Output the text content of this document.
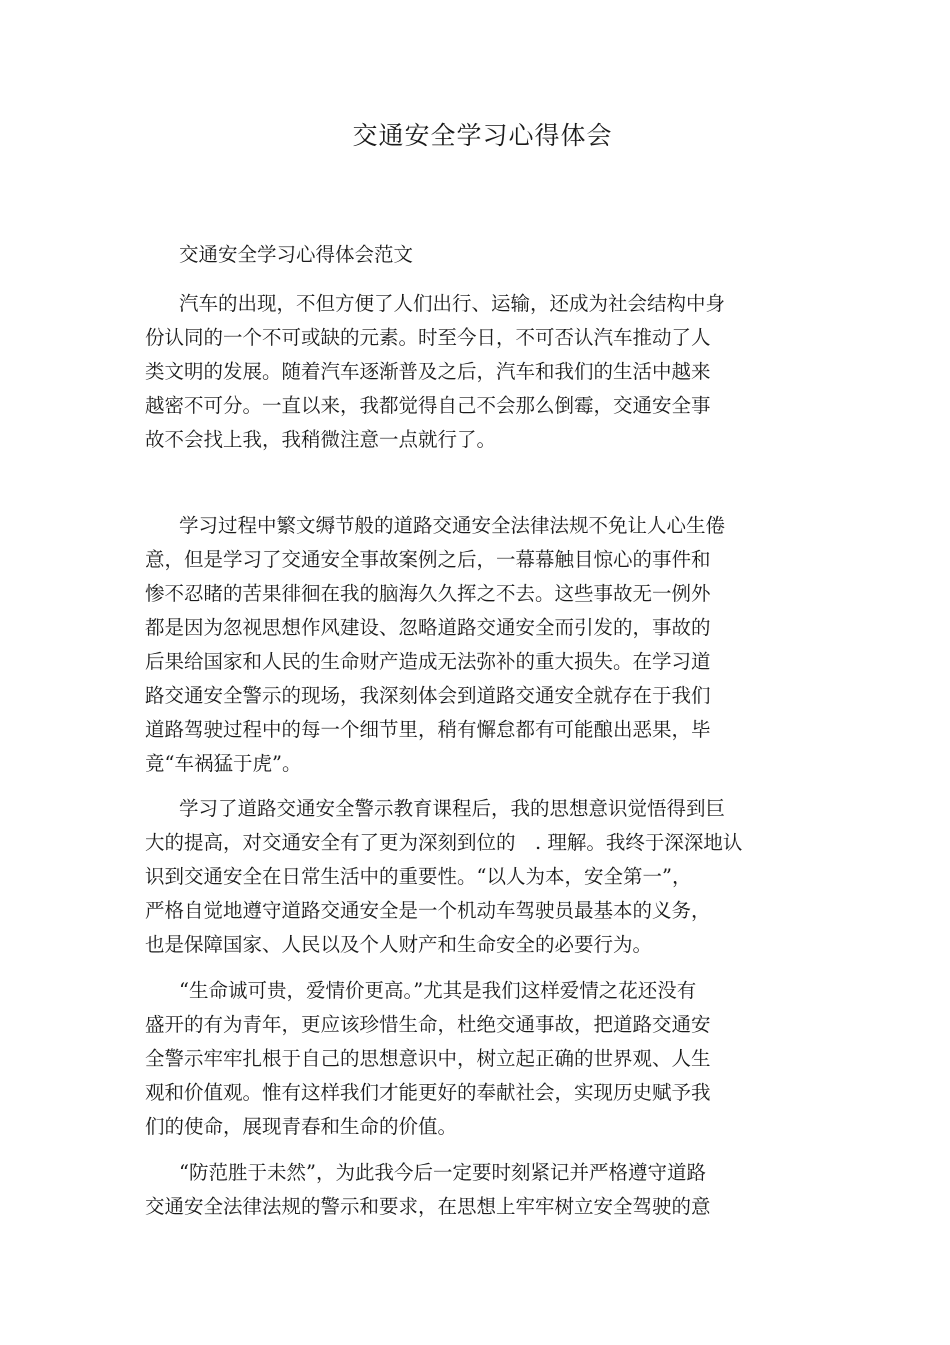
交通安全学习心得体会
交通安全学习心得体会范文
汽车的出现，不但方便了人们出行、运输，还成为社会结构中身
份认同的一个不可或缺的元素。时至今日，不可否认汽车推动了人
类文明的发展。随着汽车逐渐普及之后，汽车和我们的生活中越来
越密不可分。一直以来，我都觉得自己不会那么倒霉，交通安全事
故不会找上我，我稍微注意一点就行了。
学习过程中繁文缛节般的道路交通安全法律法规不免让人心生倦
意，但是学习了交通安全事故案例之后，一幕幕触目惊心的事件和
惨不忍睹的苦果徘徊在我的脑海久久挥之不去。这些事故无一例外
都是因为忽视思想作风建设、忽略道路交通安全而引发的，事故的
后果给国家和人民的生命财产造成无法弥补的重大损失。在学习道
路交通安全警示的现场，我深刻体会到道路交通安全就存在于我们
道路驾驶过程中的每一个细节里，稍有懈怠都有可能酿出恶果，毕
竟“车祸猛于虎”。
学习了道路交通安全警示教育课程后，我的思想意识觉悟得到巨
大的提高，对交通安全有了更为深刻到位的　. 理解。我终于深深地认
识到交通安全在日常生活中的重要性。“以人为本，安全第一”，
严格自觉地遵守道路交通安全是一个机动车驾驶员最基本的义务，
也是保障国家、人民以及个人财产和生命安全的必要行为。
“生命诚可贵，爱情价更高。”尤其是我们这样爱情之花还没有
盛开的有为青年，更应该珍惜生命，杜绝交通事故，把道路交通安
全警示牢牢扎根于自己的思想意识中，树立起正确的世界观、人生
观和价值观。惟有这样我们才能更好的奉献社会，实现历史赋予我
们的使命，展现青春和生命的价值。
“防范胜于未然”，为此我今后一定要时刻紧记并严格遵守道路
交通安全法律法规的警示和要求，在思想上牢牢树立安全驾驶的意
